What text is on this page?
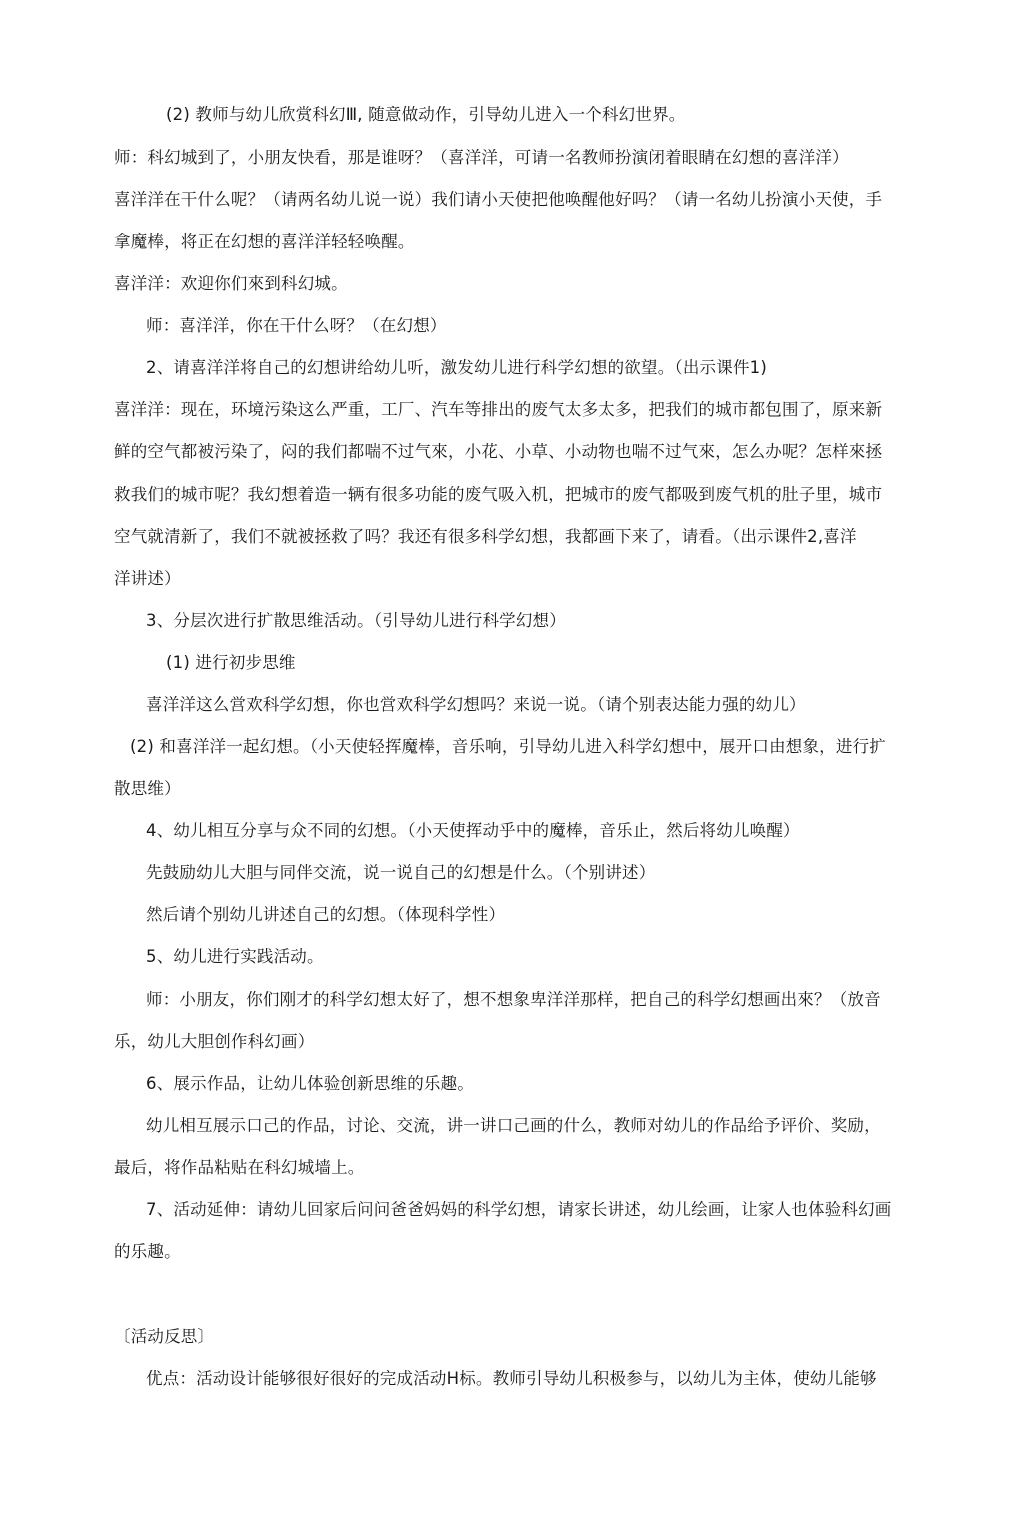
(2) 教师与幼儿欣赏科幻Ⅲ, 随意做动作，引导幼儿进入一个科幻世界。
师：科幻城到了，小朋友快看，那是谁呀？（喜洋洋，可请一名教师扮演闭着眼睛在幻想的喜洋洋）
喜洋洋在干什么呢？（请两名幼儿说一说）我们请小天使把他唤醒他好吗？（请一名幼儿扮演小天使，手
拿魔棒，将正在幻想的喜洋洋轻轻唤醒。
喜洋洋：欢迎你们來到科幻城。
师：喜洋洋，你在干什么呀？（在幻想）
2、请喜洋洋将自己的幻想讲给幼儿听，激发幼儿进行科学幻想的欲望。（出示课件1)
喜洋洋：现在，环境污染这么严重，工厂、汽车等排出的废气太多太多，把我们的城市都包围了，原来新
鲜的空气都被污染了，闷的我们都喘不过气來，小花、小草、小动物也喘不过气來，怎么办呢？怎样來拯
救我们的城市呢？我幻想着造一辆有很多功能的废气吸入机，把城市的废气都吸到废气机的肚子里，城市
空气就清新了，我们不就被拯救了吗？我还有很多科学幻想，我都画下来了，请看。（出示课件2,喜洋
洋讲述）
3、分层次进行扩散思维活动。（引导幼儿进行科学幻想）
(1) 进行初步思维
喜洋洋这么営欢科学幻想，你也営欢科学幻想吗？来说一说。（请个别表达能力强的幼儿）
(2) 和喜洋洋一起幻想。（小天使轻挥魔棒，音乐响，引导幼儿进入科学幻想中，展开口由想象，进行扩
散思维）
4、幼儿相互分享与众不同的幻想。（小天使挥动乎中的魔棒，音乐止，然后将幼儿唤醒）
先鼓励幼儿大胆与同伴交流，说一说自己的幻想是什么。（个别讲述）
然后请个别幼儿讲述自己的幻想。（体现科学性）
5、幼儿进行实践活动。
师：小朋友，你们刚才的科学幻想太好了，想不想象卑洋洋那样，把自己的科学幻想画出來？（放音
乐，幼儿大胆创作科幻画）
6、展示作品，让幼儿体验创新思维的乐趣。
幼儿相互展示口己的作品，讨论、交流，讲一讲口己画的什么，教师对幼儿的作品给予评价、奖励，
最后，将作品粘贴在科幻城墙上。
7、活动延伸：请幼儿回家后问问爸爸妈妈的科学幻想，请家长讲述，幼儿绘画，让家人也体验科幻画
的乐趣。
〔活动反思〕
优点：活动设计能够很好很好的完成活动H标。教师引导幼儿积极参与，以幼儿为主体，使幼儿能够
